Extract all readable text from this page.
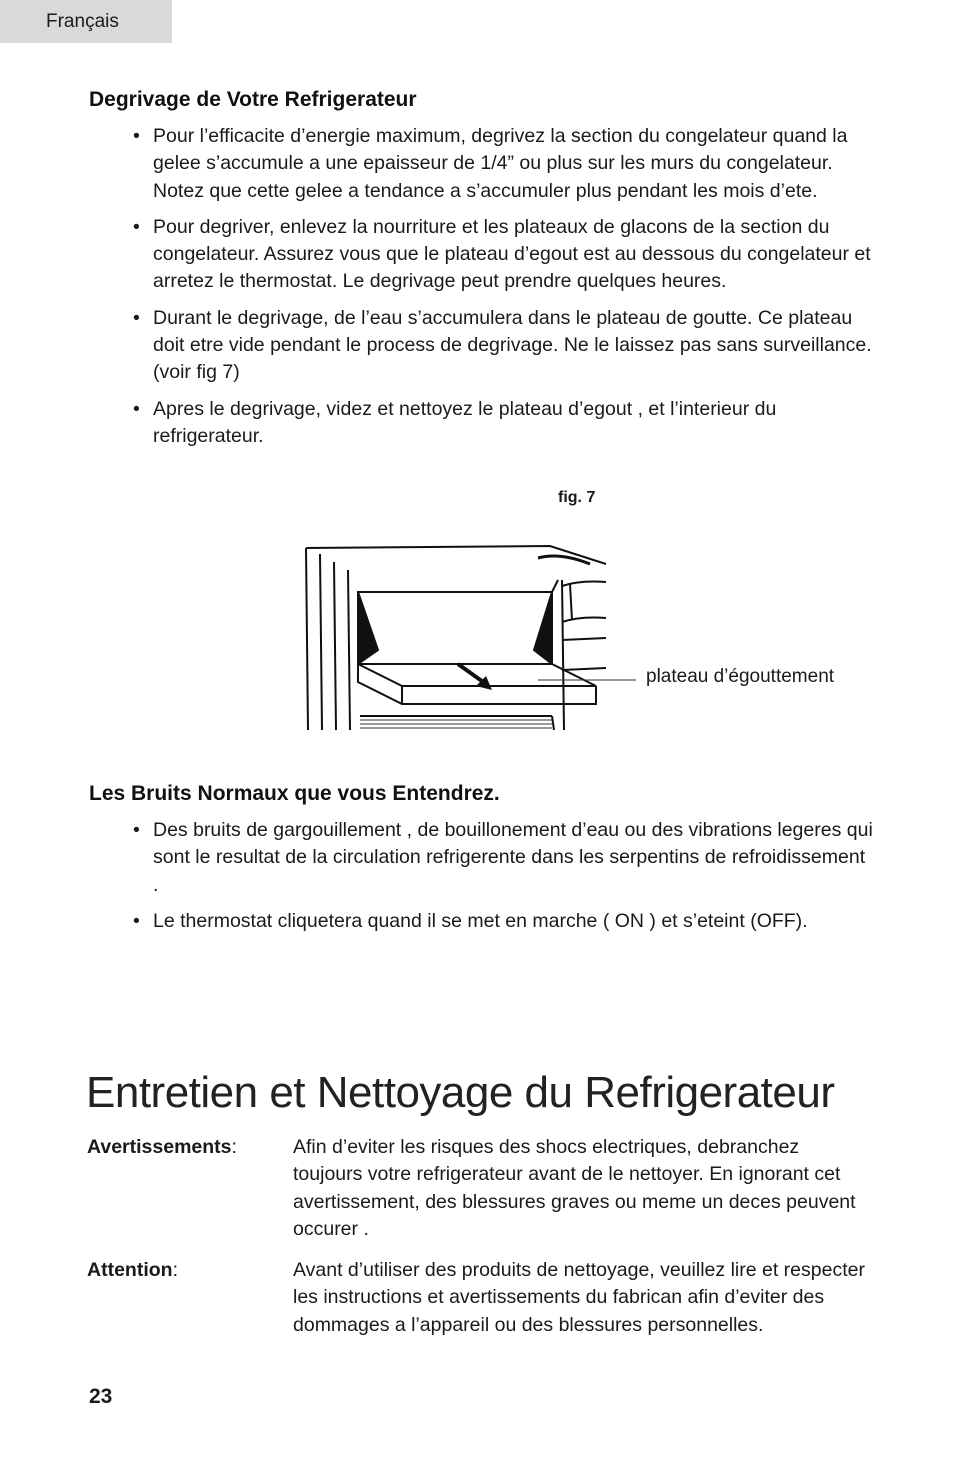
Français
Degrivage de Votre Refrigerateur
• Pour l’efficacite d’energie maximum, degrivez la section du congelateur quand la gelee s’accumule a une epaisseur de 1/4” ou plus sur les murs du congelateur. Notez que cette gelee a tendance a s’accumuler plus pendant les mois d’ete.
• Pour degriver, enlevez la nourriture et les plateaux de glacons de la section du congelateur. Assurez vous que le plateau d’egout est au dessous du congelateur et arretez le thermostat. Le degrivage peut prendre quelques heures.
• Durant le degrivage, de l’eau s’accumulera dans le plateau de goutte. Ce plateau doit etre vide pendant le process de degrivage. Ne le laissez pas sans surveillance.(voir fig 7)
• Apres le degrivage, videz et nettoyez le plateau d’egout , et l’interieur du refrigerateur.
fig. 7
plateau d’égouttement
Les Bruits Normaux que vous Entendrez.
• Des bruits de gargouillement , de bouillonement d’eau ou des vibrations legeres qui sont le resultat de la circulation refrigerente dans les serpentins de refroidissement .
• Le thermostat cliquetera quand il se met en marche ( ON ) et s’eteint (OFF).
Entretien et Nettoyage du Refrigerateur
Avertissements:	Afin d’eviter les risques des shocs electriques, debranchez toujours votre refrigerateur avant de le nettoyer. En ignorant cet avertissement, des blessures graves ou meme un deces peuvent occurer .
Attention:	Avant d’utiliser des produits de nettoyage, veuillez lire et respecter les instructions et avertissements du fabrican afin d’eviter des dommages a l’appareil ou des blessures personnelles.
23
